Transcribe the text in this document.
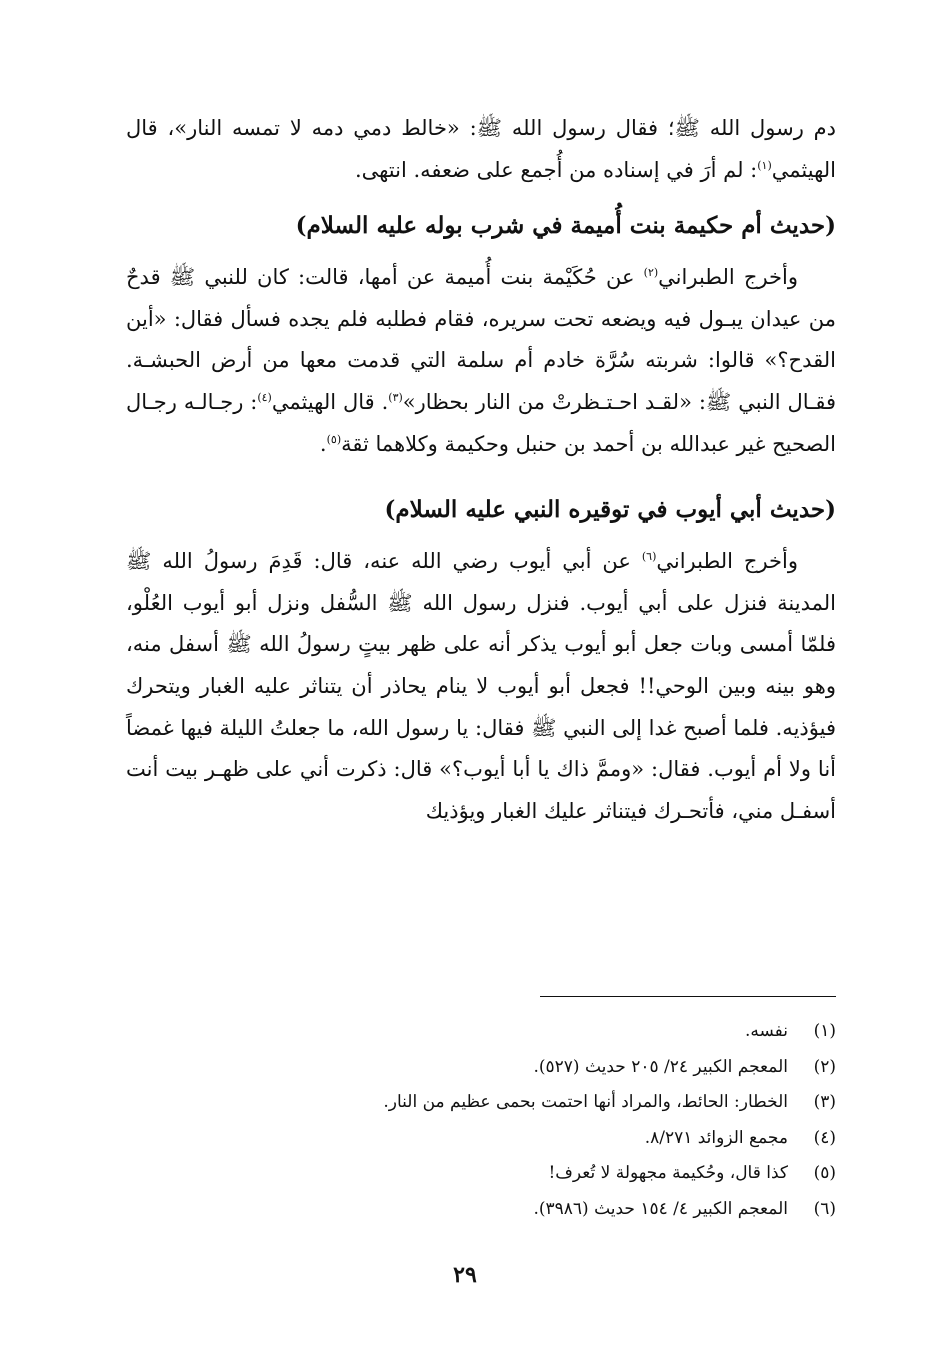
دم رسول الله ﷺ؛ فقال رسول الله ﷺ: «خالط دمي دمه لا تمسه النار»، قال الهيثمي$^{(١)}$: لم أرَ في إسناده من أُجمع على ضعفه. انتهى.

(حديث أم حكيمة بنت أُميمة في شرب بوله عليه السلام)

وأخرج الطبراني$^{(٢)}$ عن حُكَيْمة بنت أُميمة عن أمها، قالت: كان للنبي ﷺ قدحٌ من عيدان يبـول فيه ويضعه تحت سريره، فقام فطلبه فلم يجده فسأل فقال: «أين القدح؟» قالوا: شربته سُرَّة خادم أم سلمة التي قدمت معها من أرض الحبشـة. فقـال النبي ﷺ: «لقـد احـتـظرتْ من النار بحظار»$^{(٣)}$. قال الهيثمي$^{(٤)}$: رجـالـه رجـال الصحيح غير عبدالله بن أحمد بن حنبل وحكيمة وكلاهما ثقة$^{(٥)}$.

(حديث أبي أيوب في توقيره النبي عليه السلام)

وأخرج الطبراني$^{(٦)}$ عن أبي أيوب رضي الله عنه، قال: قَدِمَ رسولُ الله ﷺ المدينة فنزل على أبي أيوب. فنزل رسول الله ﷺ السُّفل ونزل أبو أيوب العُلْو، فلمّا أمسى وبات جعل أبو أيوب يذكر أنه على ظهر بيتٍ رسولُ الله ﷺ أسفل منه، وهو بينه وبين الوحي!! فجعل أبو أيوب لا ينام يحاذر أن يتناثر عليه الغبار ويتحرك فيؤذيه. فلما أصبح غدا إلى النبي ﷺ فقال: يا رسول الله، ما جعلتُ الليلة فيها غمضاً أنا ولا أم أيوب. فقال: «وممَّ ذاك يا أبا أيوب؟» قال: ذكرت أني على ظهـر بيت أنت أسفـل مني، فأتحـرك فيتناثر عليك الغبار ويؤذيك

(١)
نفسه.
(٢)
المعجم الكبير ٢٤/ ٢٠٥ حديث (٥٢٧).
(٣)
الخطار: الحائط، والمراد أنها احتمت بحمى عظيم من النار.
(٤)
مجمع الزوائد ٨/٢٧١.
(٥)
كذا قال، وحُكيمة مجهولة لا تُعرف!
(٦)
المعجم الكبير ٤/ ١٥٤ حديث (٣٩٨٦).
٢٩
